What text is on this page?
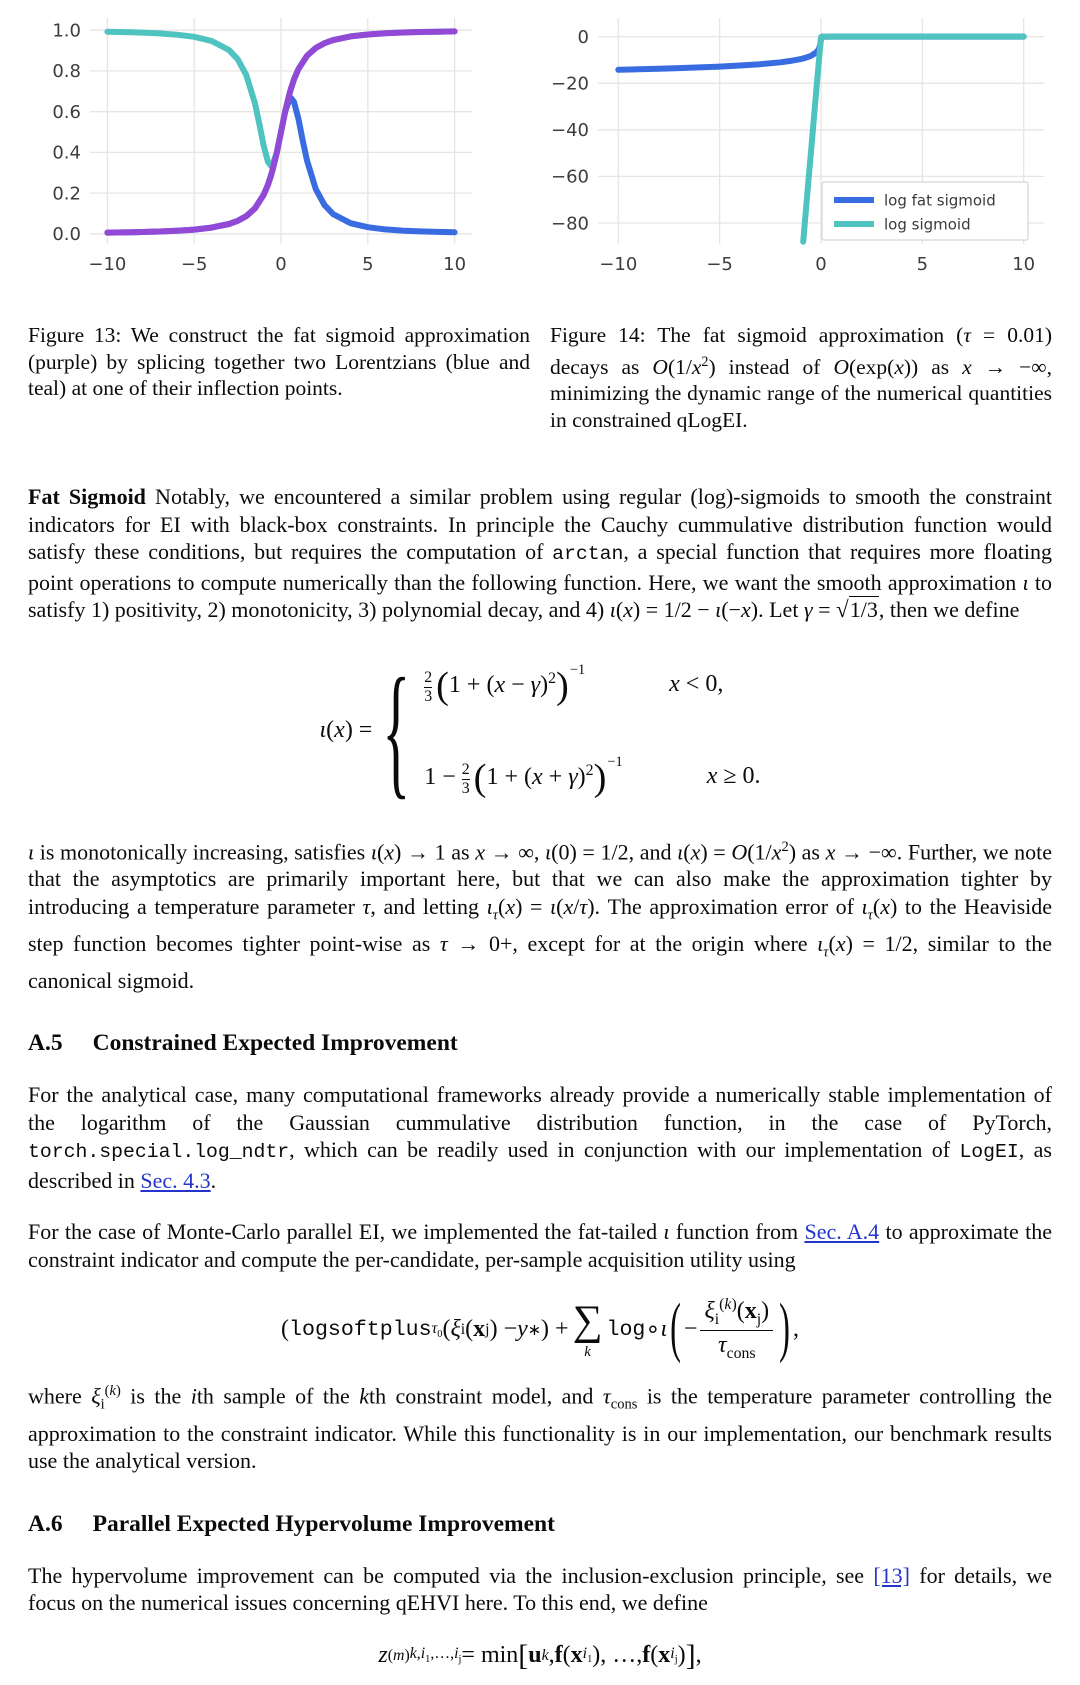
−10	−5	0	5	10
0.0
0.2
0.4
0.6
0.8
1.0
−10	−5	0	5	10
0
−20
−40
−60
−80
log fat sigmoid
log sigmoid
Figure 13: We construct the fat sigmoid approximation (purple) by splicing together two Lorentzians (blue and teal) at one of their inflection points.
Figure 14: The fat sigmoid approximation (τ = 0.01) decays as $O(1/x^2)$ instead of O(exp(x)) as x → −∞, minimizing the dynamic range of the numerical quantities in constrained qLogEI.

Fat Sigmoid Notably, we encountered a similar problem using regular (log)-sigmoids to smooth the constraint indicators for EI with black-box constraints. In principle the Cauchy cummulative distribution function would satisfy these conditions, but requires the computation of arctan, a special function that requires more floating point operations to compute numerically than the following function. Here, we want the smooth approximation ι to satisfy 1) positivity, 2) monotonicity, 3) polynomial decay, and 4) ι(x) = 1/2 − ι(−x). Let γ = √1/3, then we define

ι(x) = { $\frac{2}{3} (1 + (x - \gamma)^2)^{-1}$
x < 0,
$1 - \frac{2}{3} (1 + (x + \gamma)^2)^{-1}$
x ≥ 0.

ι is monotonically increasing, satisfies ι(x) → 1 as x → ∞, ι(0) = 1/2, and $\iota(x) = O(1/x^2)$ as x → −∞. Further, we note that the asymptotics are primarily important here, but that we can also make the approximation tighter by introducing a temperature parameter τ, and letting $\iota_\tau(x) = \iota(x/\tau)$. The approximation error of $\iota_\tau(x)$ to the Heaviside step function becomes tighter point-wise as τ → 0+, except for at the origin where $\iota_\tau(x) = 1/2$, similar to the canonical sigmoid.

A.5 Constrained Expected Improvement

For the analytical case, many computational frameworks already provide a numerically stable implementation of the logarithm of the Gaussian cummulative distribution function, in the case of PyTorch, torch.special.log_ndtr, which can be readily used in conjunction with our implementation of LogEI, as described in Sec. 4.3.

For the case of Monte-Carlo parallel EI, we implemented the fat-tailed ι function from Sec. A.4 to approximate the constraint indicator and compute the per-candidate, per-sample acquisition utility using

( logsoftplus $\tau_0$ ( ξ i ( x j ) − y ∗ ) + ∑
k
log ∘ ι ( − $\frac{\xi_i^{(k)}(x_j)}{\tau_{cons}}$ ) ,

where $\xi_i^{(k)}$ is the ith sample of the kth constraint model, and $\tau_{cons}$ is the temperature parameter controlling the approximation to the constraint indicator. While this functionality is in our implementation, our benchmark results use the analytical version.

A.6 Parallel Expected Hypervolume Improvement

The hypervolume improvement can be computed via the inclusion-exclusion principle, see [13] for details, we focus on the numerical issues concerning qEHVI here. To this end, we define

z (m) $k,i_1,\dots,i_j = \min$ [ u k , f ( x $i_1$ ), …, f ( x $i_j$ ) ] ,
